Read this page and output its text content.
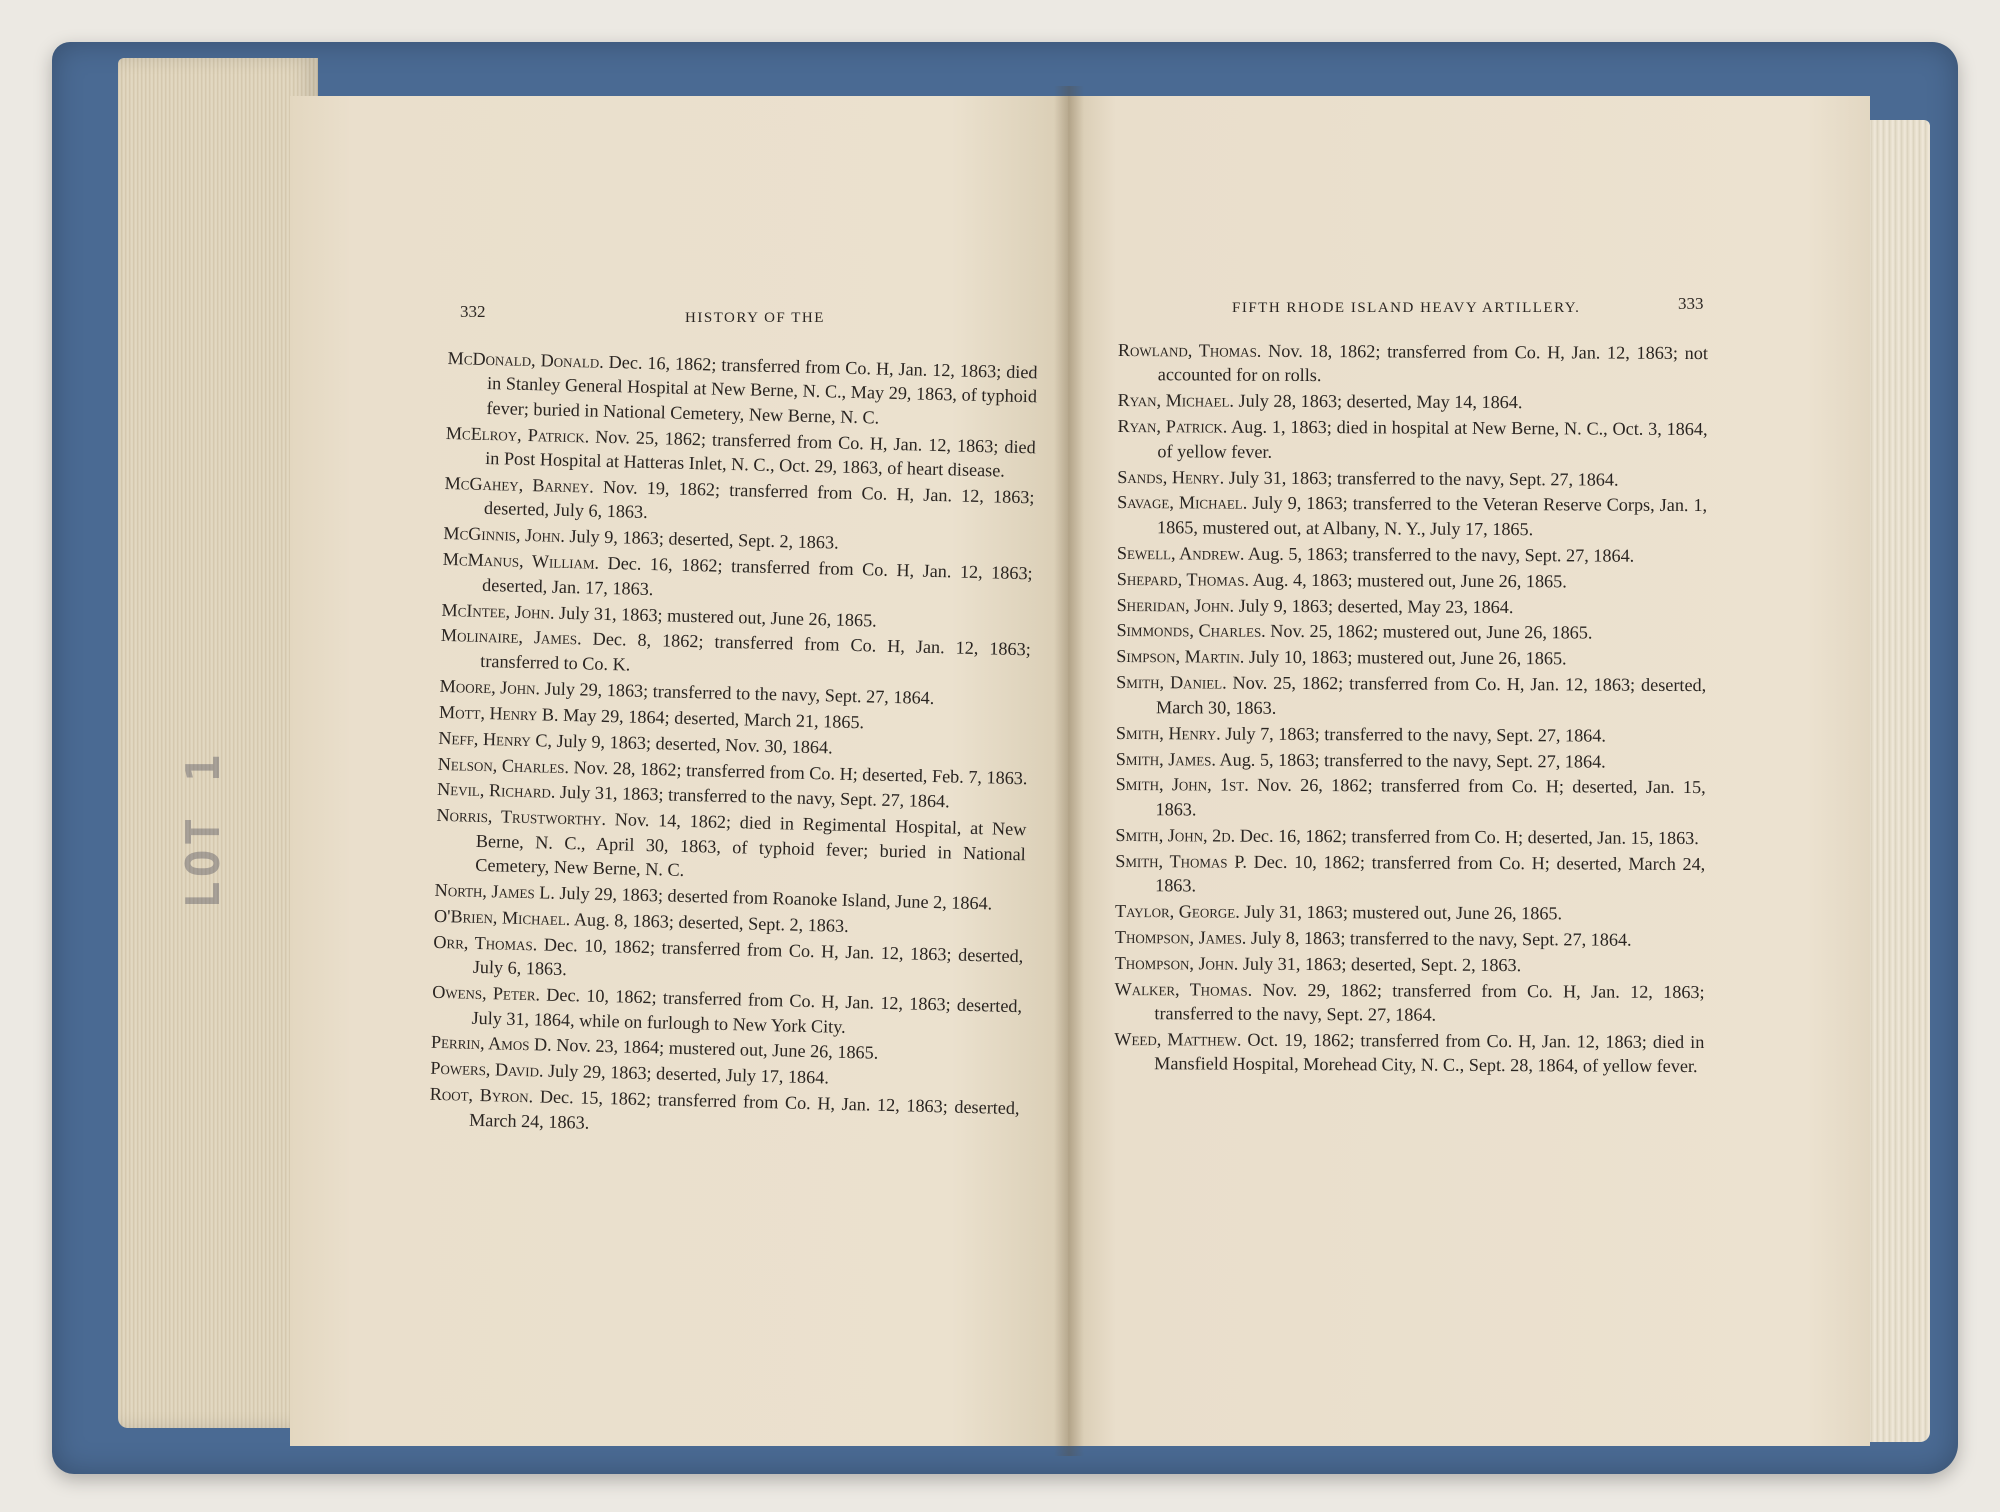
LOT 1
332	HISTORY OF THE
McDonald, Donald. Dec. 16, 1862; transferred from Co. H, Jan. 12, 1863; died in Stanley General Hospital at New Berne, N. C., May 29, 1863, of typhoid fever; buried in National Cemetery, New Berne, N. C.
McElroy, Patrick. Nov. 25, 1862; transferred from Co. H, Jan. 12, 1863; died in Post Hospital at Hatteras Inlet, N. C., Oct. 29, 1863, of heart disease.
McGahey, Barney. Nov. 19, 1862; transferred from Co. H, Jan. 12, 1863; deserted, July 6, 1863.
McGinnis, John. July 9, 1863; deserted, Sept. 2, 1863.
McManus, William. Dec. 16, 1862; transferred from Co. H, Jan. 12, 1863; deserted, Jan. 17, 1863.
McIntee, John. July 31, 1863; mustered out, June 26, 1865.
Molinaire, James. Dec. 8, 1862; transferred from Co. H, Jan. 12, 1863; transferred to Co. K.
Moore, John. July 29, 1863; transferred to the navy, Sept. 27, 1864.
Mott, Henry B. May 29, 1864; deserted, March 21, 1865.
Neff, Henry C, July 9, 1863; deserted, Nov. 30, 1864.
Nelson, Charles. Nov. 28, 1862; transferred from Co. H; deserted, Feb. 7, 1863.
Nevil, Richard. July 31, 1863; transferred to the navy, Sept. 27, 1864.
Norris, Trustworthy. Nov. 14, 1862; died in Regimental Hospital, at New Berne, N. C., April 30, 1863, of typhoid fever; buried in National Cemetery, New Berne, N. C.
North, James L. July 29, 1863; deserted from Roanoke Island, June 2, 1864.
O'Brien, Michael. Aug. 8, 1863; deserted, Sept. 2, 1863.
Orr, Thomas. Dec. 10, 1862; transferred from Co. H, Jan. 12, 1863; deserted, July 6, 1863.
Owens, Peter. Dec. 10, 1862; transferred from Co. H, Jan. 12, 1863; deserted, July 31, 1864, while on furlough to New York City.
Perrin, Amos D. Nov. 23, 1864; mustered out, June 26, 1865.
Powers, David. July 29, 1863; deserted, July 17, 1864.
Root, Byron. Dec. 15, 1862; transferred from Co. H, Jan. 12, 1863; deserted, March 24, 1863.
FIFTH RHODE ISLAND HEAVY ARTILLERY.	333
Rowland, Thomas. Nov. 18, 1862; transferred from Co. H, Jan. 12, 1863; not accounted for on rolls.
Ryan, Michael. July 28, 1863; deserted, May 14, 1864.
Ryan, Patrick. Aug. 1, 1863; died in hospital at New Berne, N. C., Oct. 3, 1864, of yellow fever.
Sands, Henry. July 31, 1863; transferred to the navy, Sept. 27, 1864.
Savage, Michael. July 9, 1863; transferred to the Veteran Reserve Corps, Jan. 1, 1865, mustered out, at Albany, N. Y., July 17, 1865.
Sewell, Andrew. Aug. 5, 1863; transferred to the navy, Sept. 27, 1864.
Shepard, Thomas. Aug. 4, 1863; mustered out, June 26, 1865.
Sheridan, John. July 9, 1863; deserted, May 23, 1864.
Simmonds, Charles. Nov. 25, 1862; mustered out, June 26, 1865.
Simpson, Martin. July 10, 1863; mustered out, June 26, 1865.
Smith, Daniel. Nov. 25, 1862; transferred from Co. H, Jan. 12, 1863; deserted, March 30, 1863.
Smith, Henry. July 7, 1863; transferred to the navy, Sept. 27, 1864.
Smith, James. Aug. 5, 1863; transferred to the navy, Sept. 27, 1864.
Smith, John, 1st. Nov. 26, 1862; transferred from Co. H; deserted, Jan. 15, 1863.
Smith, John, 2d. Dec. 16, 1862; transferred from Co. H; deserted, Jan. 15, 1863.
Smith, Thomas P. Dec. 10, 1862; transferred from Co. H; deserted, March 24, 1863.
Taylor, George. July 31, 1863; mustered out, June 26, 1865.
Thompson, James. July 8, 1863; transferred to the navy, Sept. 27, 1864.
Thompson, John. July 31, 1863; deserted, Sept. 2, 1863.
Walker, Thomas. Nov. 29, 1862; transferred from Co. H, Jan. 12, 1863; transferred to the navy, Sept. 27, 1864.
Weed, Matthew. Oct. 19, 1862; transferred from Co. H, Jan. 12, 1863; died in Mansfield Hospital, Morehead City, N. C., Sept. 28, 1864, of yellow fever.
